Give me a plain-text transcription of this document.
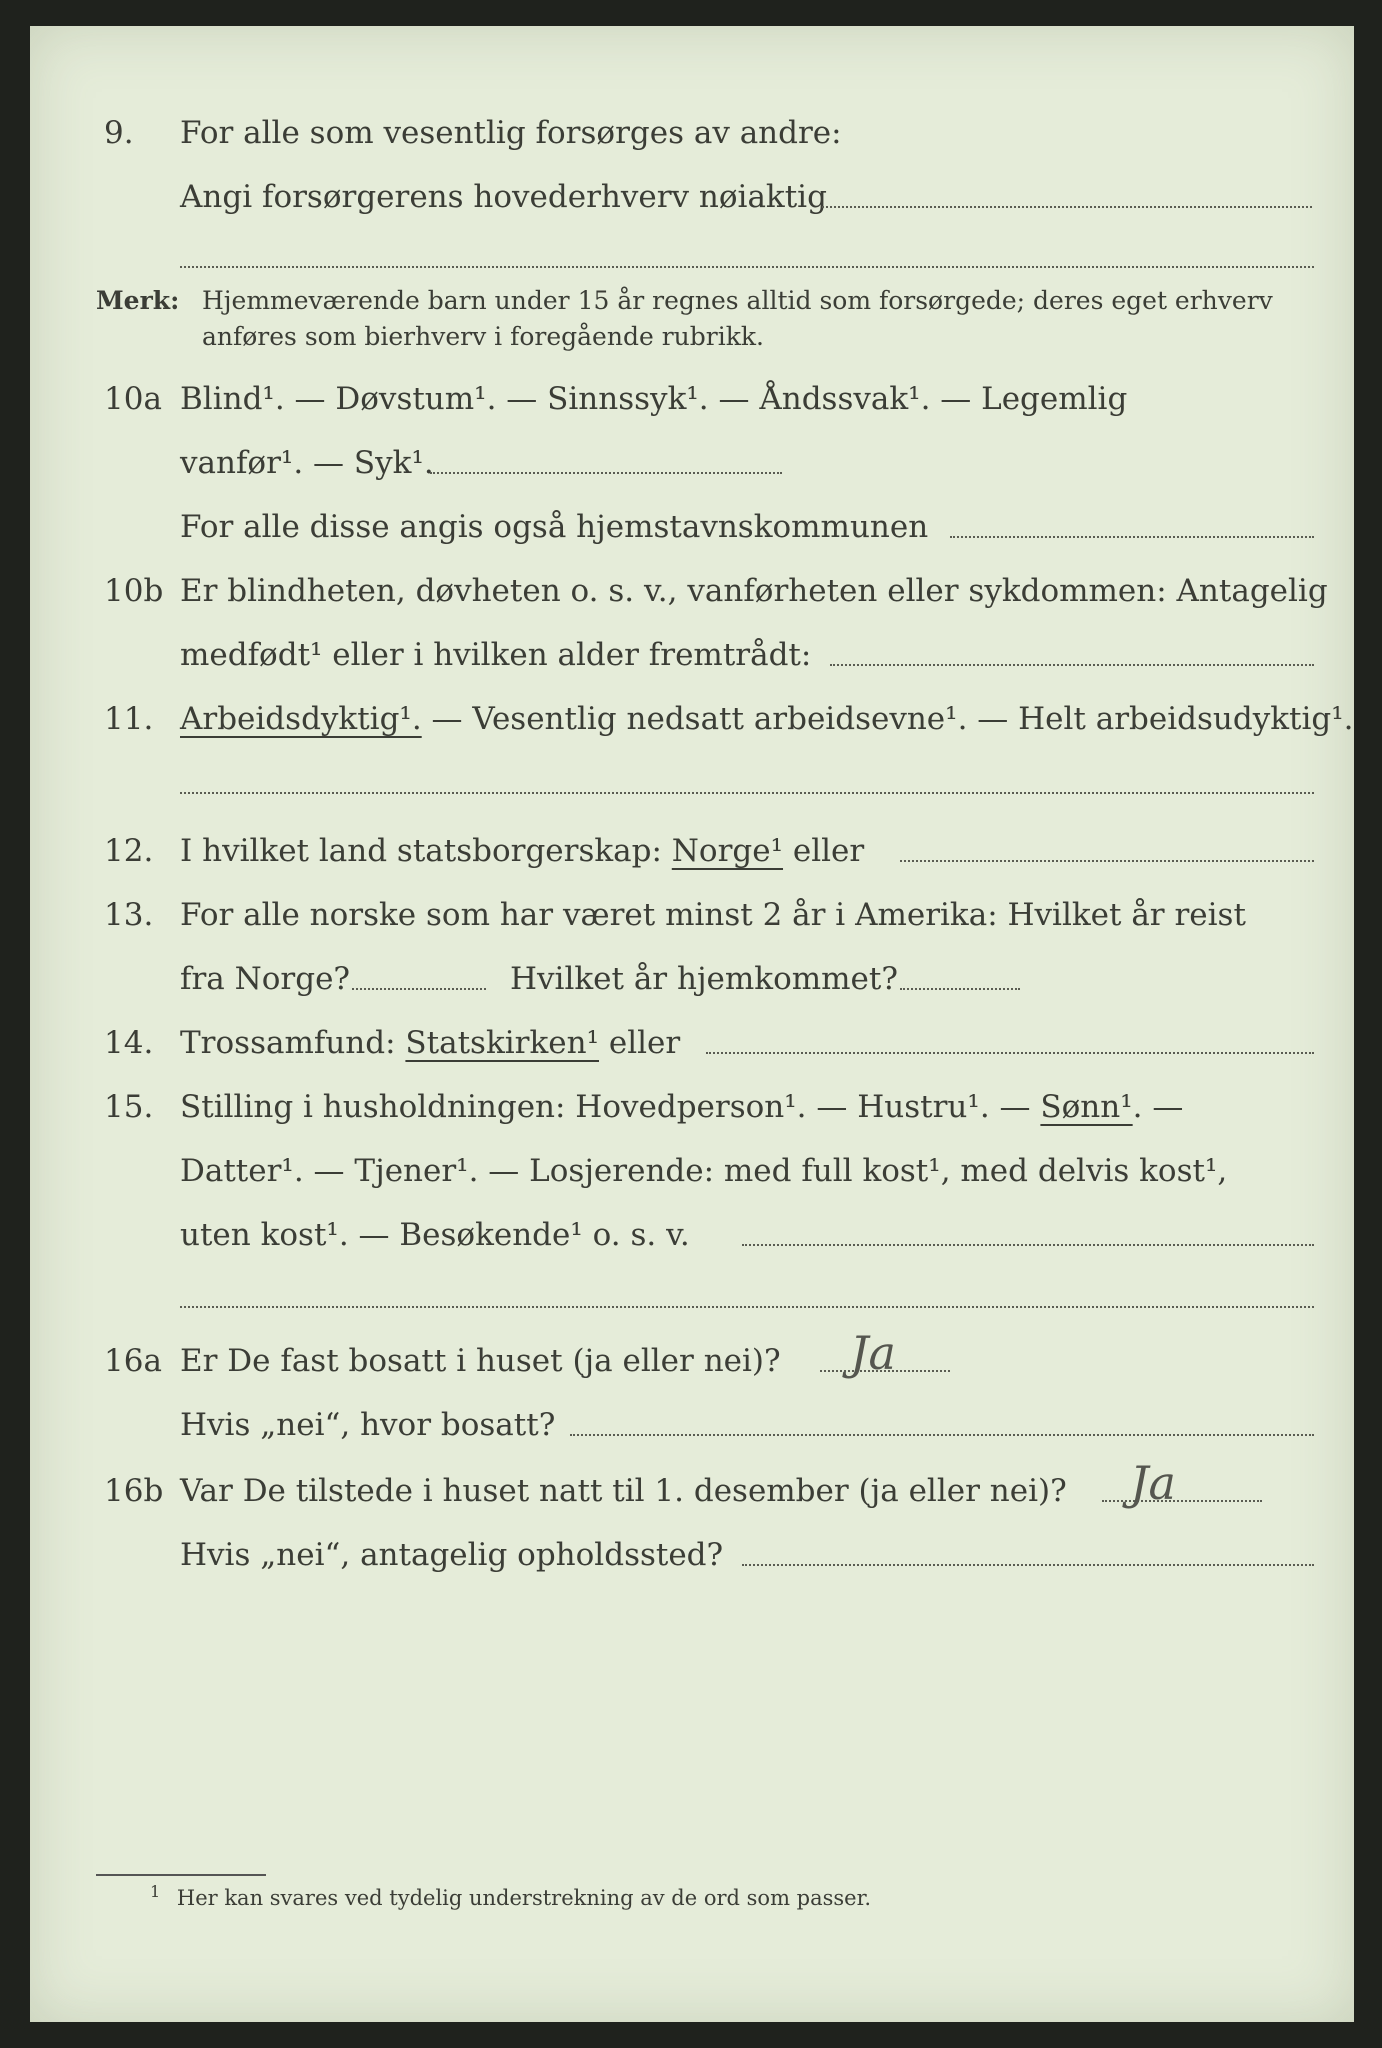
9.	For alle som vesentlig forsørges av andre:
Angi forsørgerens hovederhverv nøiaktig
Merk: Hjemmeværende barn under 15 år regnes alltid som forsørgede; deres eget erhverv
anføres som bierhverv i foregående rubrikk.
10a Blind¹. — Døvstum¹. — Sinnssyk¹. — Åndssvak¹. — Legemlig
vanfør¹. — Syk¹.
For alle disse angis også hjemstavnskommunen
10b Er blindheten, døvheten o. s. v., vanførheten eller sykdommen: Antagelig
medfødt¹ eller i hvilken alder fremtrådt:
11. Arbeidsdyktig¹. — Vesentlig nedsatt arbeidsevne¹. — Helt arbeidsudyktig¹.
12. I hvilket land statsborgerskap: Norge¹ eller
13. For alle norske som har været minst 2 år i Amerika: Hvilket år reist
fra Norge?	Hvilket år hjemkommet?
14. Trossamfund: Statskirken¹ eller
15. Stilling i husholdningen: Hovedperson¹. — Hustru¹. — Sønn¹. —
Datter¹. — Tjener¹. — Losjerende: med full kost¹, med delvis kost¹,
uten kost¹. — Besøkende¹ o. s. v.
16a Er De fast bosatt i huset (ja eller nei)? Ja
Hvis „nei“, hvor bosatt?
16b Var De tilstede i huset natt til 1. desember (ja eller nei)? Ja
Hvis „nei“, antagelig opholdssted?
$^1$ Her kan svares ved tydelig understrekning av de ord som passer.
